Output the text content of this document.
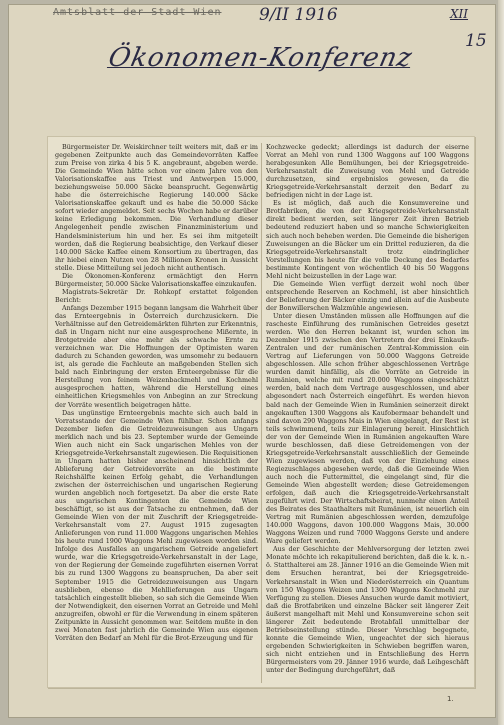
Amtsblatt der Stadt Wien	9/II 1916	XII
15
Ökonomen-Konferenz

Bürgermeister Dr. Weiskirchner teilt weiters mit, daß er im gegebenen Zeitpunkte auch das Gemeindevorräten Kaffee zum Preise von zirka 4 bis 5 K. angebraunt, abgeben werde. Die Gemeinde Wien hätte schon vor einem Jahre von den Valorisationskaffee aus Triest und Antwerpen 15.000, beziehungsweise 50.000 Säcke beansprucht. Gegenwärtig habe die österreichische Regierung 140.000 Säcke Valorisationskaffee gekauft und es habe die 50.000 Säcke sofort wieder angemeldet. Seit sechs Wochen habe er darüber keine Erledigung bekommen. Die Verhandlung dieser Angelegenheit pendle zwischen Finanzministerium und Handelsministerium hin und her. Es sei ihm mitgeteilt worden, daß die Regierung beabsichtige, den Verkauf dieser 140.000 Säcke Kaffee einem Konsortium zu übertragen, das ihr hiebei einen Nutzen von 28 Millionen Kronen in Aussicht stelle. Diese Mitteilung sei jedoch nicht authentisch.

Die Ökonomen-Konferenz ermächtigt den Herrn Bürgermeister, 50.000 Säcke Valorisationskaffee einzukaufen.

Magistrats-Sekretär Dr. Rohkopf erstattet folgenden Bericht:

Anfangs Dezember 1915 begann langsam die Wahrheit über das Ernteergebnis in Österreich durchzusickern. Die Verhältnisse auf den Getreidemärkten führten zur Erkenntnis, daß in Ungarn nicht nur eine ausgesprochene Mißernte, in Brotgetreide aber eine mehr als schwache Ernte zu verzeichnen war. Die Hoffnungen der Optimisten waren dadurch zu Schanden geworden, was umsomehr zu bedauern ist, als gerade die Fachleute an maßgebenden Stellen sich bald nach Einbringung der ersten Ernteergebnisse für die Herstellung von feinem Weizenbackmehl und Kochmehl ausgesprochen hatten, während die Herstellung eines einheitlichen Kriegsmehles von Anbeginn an zur Streckung der Vorräte wesentlich beigetragen hätte.

Das ungünstige Ernteergebnis machte sich auch bald in Vorratsstande der Gemeinde Wien fühlbar. Schon anfangs Dezember liefen die Getreidezuweisungen aus Ungarn merklich nach und bis 23. September wurde der Gemeinde Wien auch nicht ein Sack ungarischen Mehles von der Kriegsgetreide-Verkehrsanstalt zugewiesen. Die Requisitionen in Ungarn hatten bisher anscheinend hinsichtlich der Ablieferung der Getreidevorräte an die bestimmte Reichshälfte keinen Erfolg gehabt, die Verhandlungen zwischen der österreichischen und ungarischen Regierung wurden angeblich noch fortgesetzt. Da aber die erste Rate aus ungarischen Kontingenten die Gemeinde Wien beschäftigt, so ist aus der Tatsache zu entnehmen, daß der Gemeinde Wien von der mit Zuschrift der Kriegsgetreide-Verkehrsanstalt vom 27. August 1915 zugesagten Anlieferungen von rund 11.000 Waggons ungarischen Mehles bis heute rund 1900 Waggons Mehl zugewiesen worden sind. Infolge des Ausfalles an ungarischem Getreide angeliefert wurde, war die Kriegsgetreide-Verkehrsanstalt in der Lage, von der Regierung der Gemeinde zugeführten eisernen Vorrat bis zu rund 1300 Waggons zu beanspruchen, Da aber seit September 1915 die Getreidezuweisungen aus Ungarn ausblieben, ebenso die Mehllieferungen aus Ungarn tatsächlich eingestellt blieben, so sah sich die Gemeinde Wien der Notwendigkeit, den eisernen Vorrat an Getreide und Mehl anzugreifen, obwohl er für die Verwendung in einem späteren Zeitpunkte in Aussicht genommen war. Seitdem mußte in den zwei Monaten fast jahrlich die Gemeinde Wien aus eigenen Vorräten den Bedarf an Mehl für die Brot-Erzeugung und für

Kochzwecke gedeckt; allerdings ist dadurch der eiserne Vorrat an Mehl von rund 1300 Waggons auf 100 Waggons herabgesunken Alle Bemühungen, bei der Kriegsgetreide-Verkehrsanstalt die Zuweisung von Mehl und Getreide durchzusetzen, sind ergebnislos gewesen, da die Kriegsgetreide-Verkehrsanstalt derzeit den Bedarf zu befriedigen nicht in der Lage ist.

Es ist möglich, daß auch die Konsumvereine und Brotfabriken, die von der Kriegsgetreide-Verkehrsanstalt direkt bedient werden, seit längerer Zeit ihren Betrieb bedeutend reduziert haben und so manche Schwierigkeiten sich auch noch beheben werden. Die Gemeinde die bisherigen Zuweisungen an die Bäcker um ein Drittel reduzieren, da die Kriegsgetreide-Verkehrsanstalt trotz eindringlicher Vorstellungen bis heute für die volle Deckung des Bedarfes bestimmte Kontingent von wöchentlich 40 bis 50 Waggons Mehl nicht beizustellen in der Lage war.

Die Gemeinde Wien verfügt derzeit wohl noch über entsprechende Reserven an Kochmehl, ist aber hinsichtlich der Belieferung der Bäcker einzig und allein auf die Ausbeute der Bonwillerschen Walzmühle angewiesen.

Unter diesen Umständen müssen alle Hoffnungen auf die rascheste Einführung des rumänischen Getreides gesetzt werden. Wie den Herren bekannt ist, wurden schon im Dezember 1915 zwischen den Vertretern der drei Einkaufs-Zentralen und der rumänischen Zentral-Kommission ein Vertrag auf Lieferungen von 50.000 Waggons Getreide abgeschlossen. Alle schon früher abgeschlossenen Verträge wurden damit hinfällig, als die Vorräte an Getreide in Rumänien, welche mit rund 20.000 Waggons eingeschätzt werden, bald nach dem Vertrage ausgeschlossen, und aber abgesondert nach Österreich eingeführt. Es werden hievon bald nach der Gemeinde Wien in Rumänien seinerzeit direkt angekauften 1300 Waggons als Kaufobermaar behandelt und sind davon 290 Waggons Mais in Wien eingelangt, der Rest ist teils schwimmend, teils zur Einlagerung bereit. Hinsichtlich der von der Gemeinde Wien in Rumänien angekauften Ware wurde beschlossen, daß diese Getreidemengen von der Kriegsgetreide-Verkehrsanstalt ausschließlich der Gemeinde Wien zugewiesen werden, daß von der Einziehung eines Regiezuschlages abgesehen werde, daß die Gemeinde Wien auch noch die Futtermittel, die eingelangt sind, für die Gemeinde Wien abgestellt werden; diese Getreidemengen erfolgen, daß auch die Kriegsgetreide-Verkehrsanstalt zugeführt wird. Der Wirtschaftsbeirat, nunmehr einen Anteil des Beirates des Staathalters mit Rumänien, ist neuerlich ein Vertrag mit Rumänien abgeschlossen werden, demzufolge 140.000 Waggons, davon 100.000 Waggons Mais, 30.000 Waggons Weizen und rund 7000 Waggons Gerste und andere Ware geliefert werden.

Aus der Geschichte der Mehlversorgung der letzten zwei Monate möchte ich rekapitulierend berichten, daß die k. k. n.-ö. Statthalterei am 28. Jänner 1916 an die Gemeinde Wien mit dem Ersuchen herantrat, bei der Kriegsgetreide-Verkehrsanstalt in Wien und Niederösterreich ein Quantum von 150 Waggons Weizen und 1300 Waggons Kochmehl zur Verfügung zu stellen. Dieses Ansuchen wurde damit motiviert, daß die Brotfabriken und einzelne Bäcker seit längerer Zeit äußerst mangelhaft mit Mehl und Konsumvereine schon seit längerer Zeit bedeutende Brotabfall unmittelbar der Betriebseinstellung stünde. Dieser Vorschlag begegnete, konnte die Gemeinde Wien, ungeachtet der sich hieraus ergebenden Schwierigkeiten in Schwieben begriffen waren, sich nicht entziehen und in Entschließung des Herrn Bürgermeisters vom 29. Jänner 1916 wurde, daß Leihgeschäft unter der Bedingung durchgeführt, daß

1.
